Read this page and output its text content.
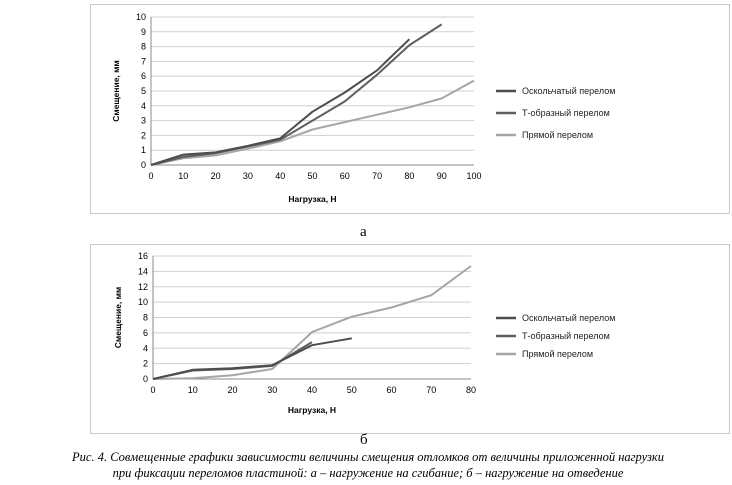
0
1
2
3
4
5
6
7
8
9
10
0	10 20 30 40 50 60 70 80 90 100
Нагрузка, Н
Смещение, мм	Оскольчатый перелом
Т-образный перелом
Прямой перелом
а
0
2
4
6
8
10
12
14
16
0	10	20	30	40	50	60	70	80
Нагрузка, Н
Смещение, мм	Оскольчатый перелом
Т-образный перелом
Прямой перелом
б
Рис. 4. Совмещенные графики зависимости величины смещения отломков от величины приложенной нагрузки
при фиксации переломов пластиной: а – нагружение на сгибание; б – нагружение на отведение
